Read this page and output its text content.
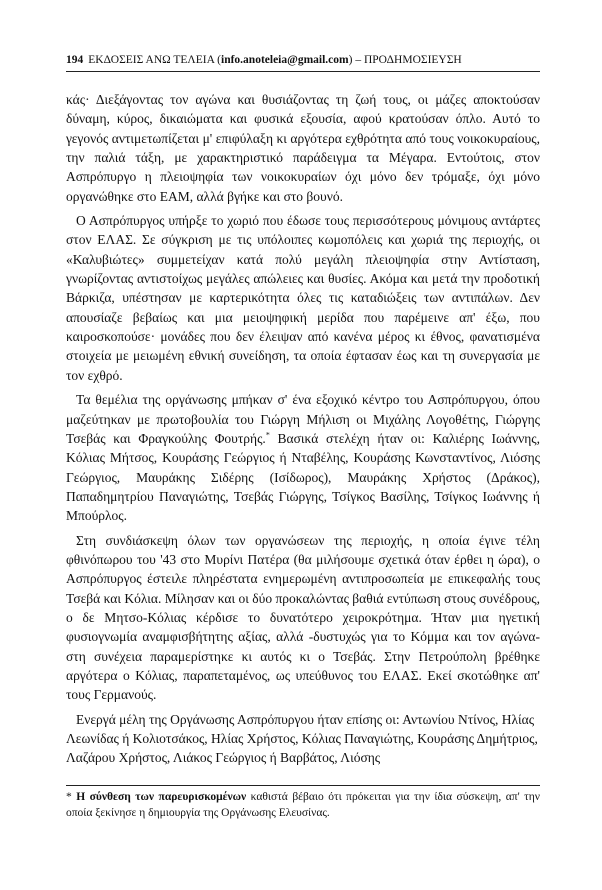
194 ΕΚΔΟΣΕΙΣ ΑΝΩ ΤΕΛΕΙΑ (info.anoteleia@gmail.com) – ΠΡΟΔΗΜΟΣΙΕΥΣΗ

κάς· Διεξάγοντας τον αγώνα και θυσιάζοντας τη ζωή τους, οι μάζες αποκτούσαν δύναμη, κύρος, δικαιώματα και φυσικά εξουσία, αφού κρατούσαν όπλο. Αυτό το γεγονός αντιμετωπίζεται μ' επιφύλαξη κι αργότερα εχθρότητα από τους νοικοκυραίους, την παλιά τάξη, με χαρακτηριστικό παράδειγμα τα Μέγαρα. Εντούτοις, στον Ασπρόπυργο η πλειοψηφία των νοικοκυραίων όχι μόνο δεν τρόμαξε, όχι μόνο οργανώθηκε στο ΕΑΜ, αλλά βγήκε και στο βουνό.

Ο Ασπρόπυργος υπήρξε το χωριό που έδωσε τους περισσότερους μόνιμους αντάρτες στον ΕΛΑΣ. Σε σύγκριση με τις υπόλοιπες κωμοπόλεις και χωριά της περιοχής, οι «Καλυβιώτες» συμμετείχαν κατά πολύ μεγάλη πλειοψηφία στην Αντίσταση, γνωρίζοντας αντιστοίχως μεγάλες απώλειες και θυσίες. Ακόμα και μετά την προδοτική Βάρκιζα, υπέστησαν με καρτερικότητα όλες τις καταδιώξεις των αντιπάλων. Δεν απουσίαζε βεβαίως και μια μειοψηφική μερίδα που παρέμεινε απ' έξω, που καιροσκοπούσε· μονάδες που δεν έλειψαν από κανένα μέρος κι έθνος, φανατισμένα στοιχεία με μειωμένη εθνική συνείδηση, τα οποία έφτασαν έως και τη συνεργασία με τον εχθρό.

Τα θεμέλια της οργάνωσης μπήκαν σ' ένα εξοχικό κέντρο του Ασπρόπυργου, όπου μαζεύτηκαν με πρωτοβουλία του Γιώργη Μήλιση οι Μιχάλης Λογοθέτης, Γιώργης Τσεβάς και Φραγκούλης Φουτρής.* Βασικά στελέχη ήταν οι: Καλιέρης Ιωάννης, Κόλιας Μήτσος, Κουράσης Γεώργιος ή Νταβέλης, Κουράσης Κωνσταντίνος, Λιόσης Γεώργιος, Μαυράκης Σιδέρης (Ισίδωρος), Μαυράκης Χρήστος (Δράκος), Παπαδημητρίου Παναγιώτης, Τσεβάς Γιώργης, Τσίγκος Βασίλης, Τσίγκος Ιωάννης ή Μπούρλος.

Στη συνδιάσκεψη όλων των οργανώσεων της περιοχής, η οποία έγινε τέλη φθινόπωρου του '43 στο Μυρίνι Πατέρα (θα μιλήσουμε σχετικά όταν έρθει η ώρα), ο Ασπρόπυργος έστειλε πληρέστατα ενημερωμένη αντιπροσωπεία με επικεφαλής τους Τσεβά και Κόλια. Μίλησαν και οι δύο προκαλώντας βαθιά εντύπωση στους συνέδρους, ο δε Μητσο-Κόλιας κέρδισε το δυνατότερο χειροκρότημα. Ήταν μια ηγετική φυσιογνωμία αναμφισβήτητης αξίας, αλλά -δυστυχώς για το Κόμμα και τον αγώνα- στη συνέχεια παραμερίστηκε κι αυτός κι ο Τσεβάς. Στην Πετρούπολη βρέθηκε αργότερα ο Κόλιας, παραπεταμένος, ως υπεύθυνος του ΕΛΑΣ. Εκεί σκοτώθηκε απ' τους Γερμανούς.

Ενεργά μέλη της Οργάνωσης Ασπρόπυργου ήταν επίσης οι: Αντωνίου Ντίνος, Ηλίας Λεωνίδας ή Κολιοτσάκος, Ηλίας Χρήστος, Κόλιας Παναγιώτης, Κουράσης Δημήτριος, Λαζάρου Χρήστος, Λιάκος Γεώργιος ή Βαρβάτος, Λιόσης

* Η σύνθεση των παρευρισκομένων καθιστά βέβαιο ότι πρόκειται για την ίδια σύσκεψη, απ' την οποία ξεκίνησε η δημιουργία της Οργάνωσης Ελευσίνας.
